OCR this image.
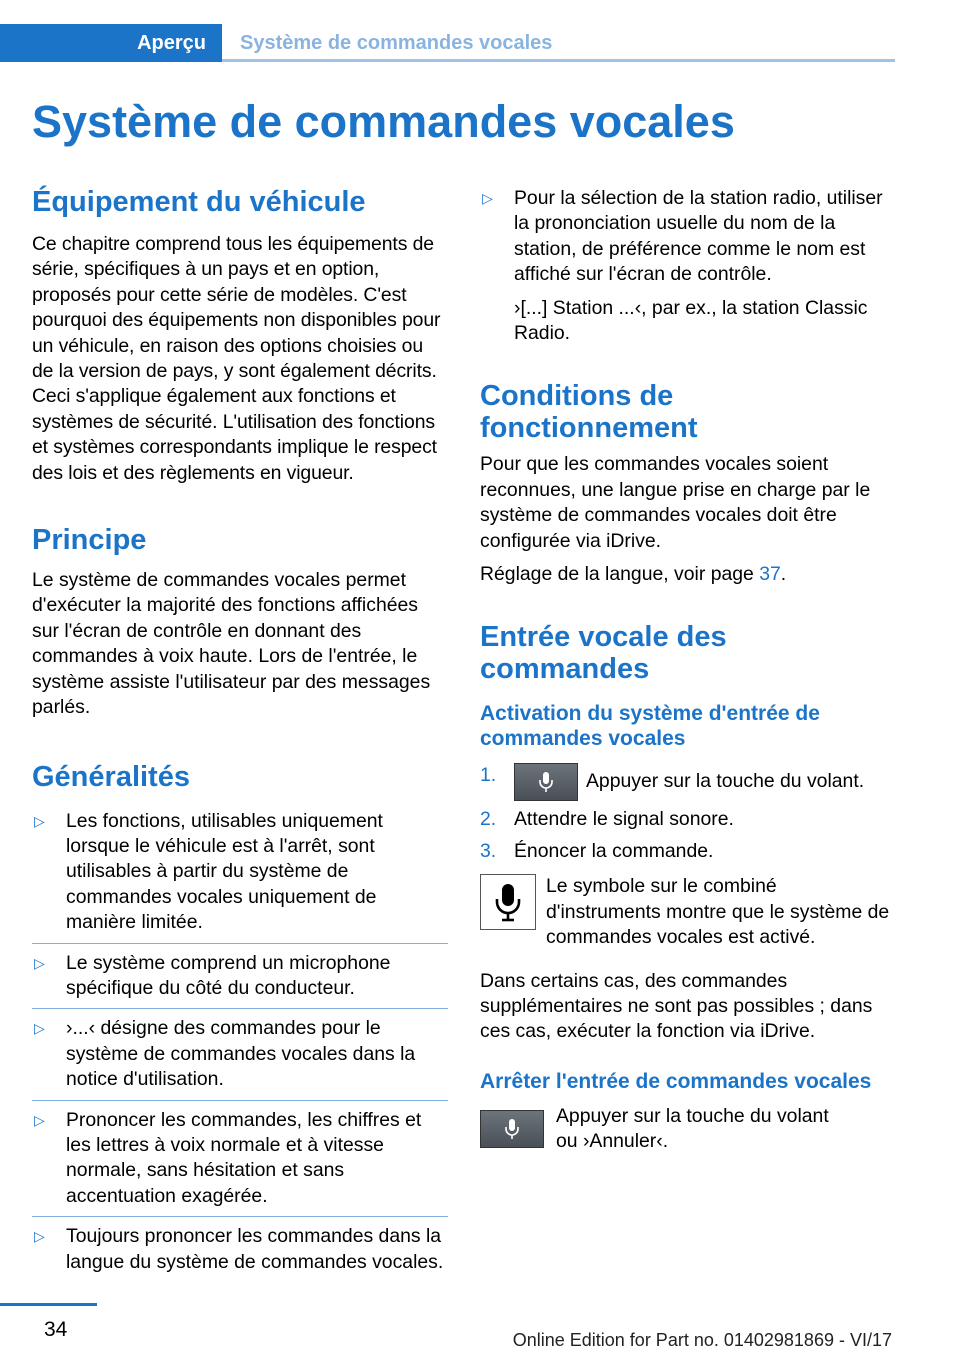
Aperçu Système de commandes vocales
Système de commandes vocales
Équipement du véhicule

Ce chapitre comprend tous les équipements de série, spécifiques à un pays et en option, proposés pour cette série de modèles. C'est pourquoi des équipements non disponibles pour un véhicule, en raison des options choisies ou de la version de pays, y sont également décrits. Ceci s'applique également aux fonctions et systèmes de sécurité. L'utilisation des fonctions et systèmes correspondants implique le respect des lois et des règlements en vigueur.

Principe

Le système de commandes vocales permet d'exécuter la majorité des fonctions affichées sur l'écran de contrôle en donnant des commandes à voix haute. Lors de l'entrée, le système assiste l'utilisateur par des messages parlés.

Généralités
▷ Les fonctions, utilisables uniquement lorsque le véhicule est à l'arrêt, sont utilisables à partir du système de commandes vocales uniquement de manière limitée.
▷ Le système comprend un microphone spécifique du côté du conducteur.
▷ ›...‹ désigne des commandes pour le système de commandes vocales dans la notice d'utilisation.
▷ Prononcer les commandes, les chiffres et les lettres à voix normale et à vitesse normale, sans hésitation et sans accentuation exagérée.
▷ Toujours prononcer les commandes dans la langue du système de commandes vocales.
▷ Pour la sélection de la station radio, utiliser la prononciation usuelle du nom de la station, de préférence comme le nom est affiché sur l'écran de contrôle.

›[...] Station ...‹, par ex., la station Classic Radio.

Conditions de fonctionnement

Pour que les commandes vocales soient reconnues, une langue prise en charge par le système de commandes vocales doit être configurée via iDrive.

Réglage de la langue, voir page 37.

Entrée vocale des commandes
Activation du système d'entrée de commandes vocales
1.	Appuyer sur la touche du volant.
2. Attendre le signal sonore.
3. Énoncer la commande.

Le symbole sur le combiné d'instruments montre que le système de commandes vocales est activé.

Dans certains cas, des commandes supplémentaires ne sont pas possibles ; dans ces cas, exécuter la fonction via iDrive.

Arrêter l'entrée de commandes vocales

Appuyer sur la touche du volant ou ›Annuler‹.

34	Online Edition for Part no. 01402981869 - VI/17
